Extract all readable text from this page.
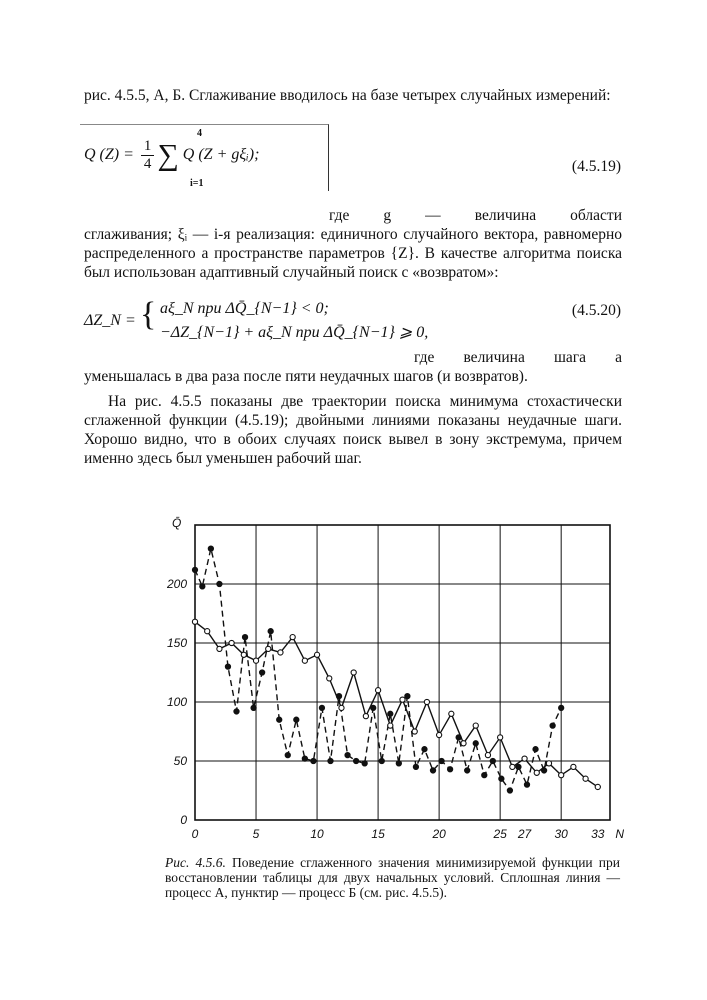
рис. 4.5.5, А, Б. Сглаживание вводилось на базе четырех случайных измерений:
Q $(Z) = \frac{1}{4}$ ∑ Q (Z + gξᵢ);
4
i=1
(4.5.19)
где g — величина области
сглаживания; ξᵢ — i-я реализация: единичного случайного вектора, равномерно распределенного а пространстве параметров {Z}. В качестве алгоритма поиска был использован адаптивный случайный поиск с «возвратом»:
ΔZ_N = { aξ_N при ΔQ̄_{N−1} < 0;
−ΔZ_{N−1} + aξ_N при ΔQ̄_{N−1} ⩾ 0,
(4.5.20)
где величина шага a
уменьшалась в два раза после пяти неудачных шагов (и возвратов).
На рис. 4.5.5 показаны две траектории поиска минимума стохастически сглаженной функции (4.5.19); двойными линиями показаны неудачные шаги. Хорошо видно, что в обоих случаях поиск вывел в зону экстремума, причем именно здесь был уменьшен рабочий шаг.
0
50
100
150
200
0	5	10	15	20	25 27 30 33 N
Q̄
Рис. 4.5.6. Поведение сглаженного значения минимизируемой функции при восстановлении таблицы для двух начальных условий. Сплошная линия — процесс А, пунктир — процесс Б (см. рис. 4.5.5).
